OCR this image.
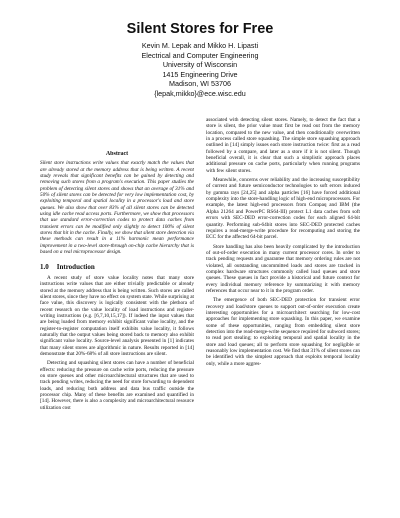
Silent Stores for Free
Kevin M. Lepak and Mikko H. Lipasti
Electrical and Computer Engineering
University of Wisconsin
1415 Engineering Drive
Madison, WI 53706
{lepak,mikko}@ece.wisc.edu
Abstract

Silent store instructions write values that exactly match the values that are already stored at the memory address that is being written. A recent study reveals that significant benefits can be gained by detecting and removing such stores from a program's execution. This paper studies the problem of detecting silent stores and shows that an average of 31% and 50% of silent stores can be detected for very low implementation cost, by exploiting temporal and spatial locality in a processor's load and store queues. We also show that over 83% of all silent stores can be detected using idle cache read access ports. Furthermore, we show that processors that use standard error-correction codes to protect data caches from transient errors can be modified only slightly to detect 100% of silent stores that hit in the cache. Finally, we show that silent store detection via these methods can result in a 11% harmonic mean performance improvement in a two-level store-through on-chip cache hierarchy that is based on a real microprocessor design.

1.0 Introduction

A recent study of store value locality notes that many store instructions write values that are either trivially predictable or already stored at the memory address that is being written. Such stores are called silent stores, since they have no effect on system state. While surprising at face value, this discovery is logically consistent with the plethora of recent research on the value locality of load instructions and register-writing instructions (e.g. [6,7,10,15,17]). If indeed the input values that are being loaded from memory exhibit significant value locality, and the register-to-register computation itself exhibits value locality, it follows naturally that the output values being stored back to memory also exhibit significant value locality. Source-level analysis presented in [1] indicates that many silent stores are algorithmic in nature. Results reported in [14] demonstrate that 20%-68% of all store instructions are silent.

Detecting and squashing silent stores can have a number of beneficial effects: reducing the pressure on cache write ports, reducing the pressure on store queues and other microarchitectural structures that are used to track pending writes, reducing the need for store forwarding to dependent loads, and reducing both address and data bus traffic outside the processor chip. Many of these benefits are examined and quantified in [14]. However, there is also a complexity and microarchitectural resource utilization cost

associated with detecting silent stores. Namely, to detect the fact that a store is silent, the prior value must first be read out from the memory location, compared to the new value, and then conditionally overwritten in a process called store squashing. The simple store squashing approach outlined in [14] simply issues each store instruction twice: first as a read followed by a compare, and later as a store if it is not silent. Though beneficial overall, it is clear that such a simplistic approach places additional pressure on cache ports, particularly when running programs with few silent stores.

Meanwhile, concerns over reliability and the increasing susceptibility of current and future semiconductor technologies to soft errors induced by gamma rays [24,25] and alpha particles [16] have forced additional complexity into the store-handling logic of high-end microprocessors. For example, the latest high-end processors from Compaq and IBM (the Alpha 21264 and PowerPC RS64-III) protect L1 data caches from soft errors with SEC-DED error-correction codes for each aligned 64-bit quantity. Performing sub-64bit stores into SEC-DED protected caches requires a read-merge-write procedure for recomputing and storing the ECC for the affected 64-bit parcel.

Store handling has also been heavily complicated by the introduction of out-of-order execution in many current processor cores. In order to track pending requests and guarantee that memory ordering rules are not violated, all outstanding uncommitted loads and stores are tracked in complex hardware structures commonly called load queues and store queues. These queues in fact provide a historical and future context for every individual memory reference by summarizing it with memory references that occur near to it in the program order.

The emergence of both SEC-DED protection for transient error recovery and load/store queues to support out-of-order execution create interesting opportunities for a microarchitect searching for low-cost approaches for implementing store squashing. In this paper, we examine some of these opportunities, ranging from embedding silent store detection into the read-merge-write sequence required for subword stores; to read port stealing; to exploiting temporal and spatial locality in the store and load queues; all to perform store squashing for negligible or reasonably low implementation cost. We find that 31% of silent stores can be identified with the simplest approach that exploits temporal locality only, while a more aggres-
